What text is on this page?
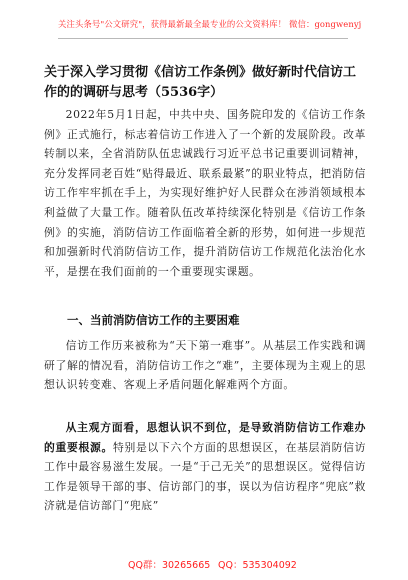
关注头条号"公文研究"，获得最新最全最专业的公文资料库！ 微信：gongwenyj
关于深入学习贯彻《信访工作条例》做好新时代信访工作的的调研与思考（5536字）
2022年5月1日起，中共中央、国务院印发的《信访工作条例》正式施行，标志着信访工作进入了一个新的发展阶段。改革转制以来，全省消防队伍忠诚践行习近平总书记重要训词精神，充分发挥同老百姓“贴得最近、联系最紧”的职业特点，把消防信访工作牢牢抓在手上，为实现好维护好人民群众在涉消领域根本利益做了大量工作。随着队伍改革持续深化特别是《信访工作条例》的实施，消防信访工作面临着全新的形势，如何进一步规范和加强新时代消防信访工作，提升消防信访工作规范化法治化水平，是摆在我们面前的一个重要现实课题。
一、当前消防信访工作的主要困难
信访工作历来被称为“天下第一难事”。从基层工作实践和调研了解的情况看，消防信访工作之“难”，主要体现为主观上的思想认识转变难、客观上矛盾问题化解难两个方面。
从主观方面看，思想认识不到位，是导致消防信访工作难办的重要根源。特别是以下六个方面的思想误区，在基层消防信访工作中最容易滋生发展。一是“于己无关”的思想误区。觉得信访工作是领导干部的事、信访部门的事，误以为信访程序“兜底”救济就是信访部门“兜底”
QQ群：30265665 QQ：535304092
